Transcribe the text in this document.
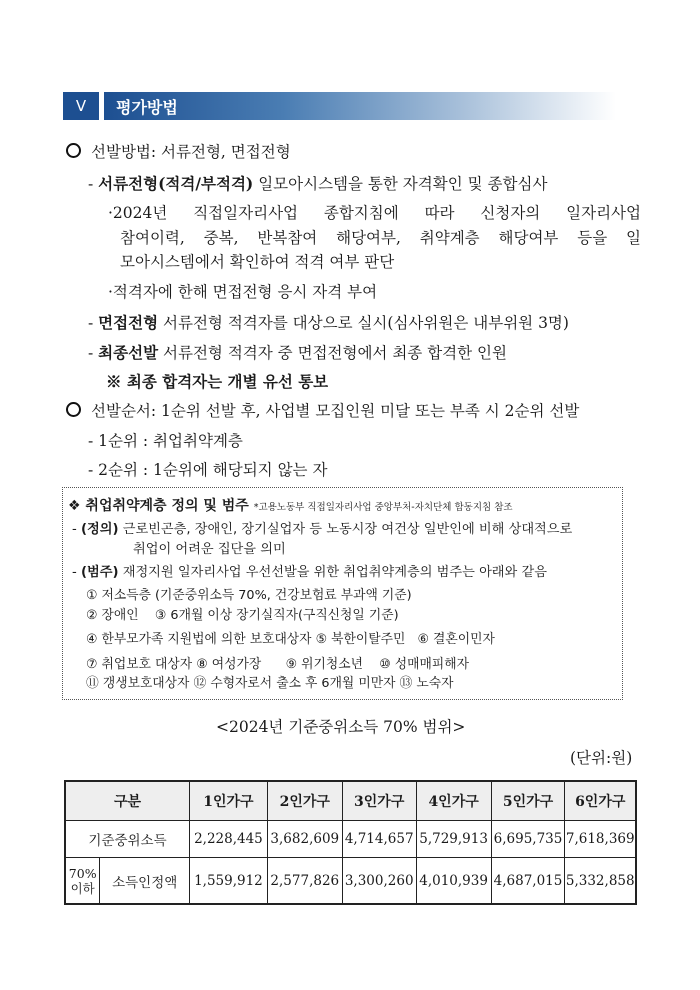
Ⅴ	평가방법
선발방법: 서류전형, 면접전형
- 서류전형(적격/부적격) 일모아시스템을 통한 자격확인 및 종합심사
·2024년 직접일자리사업 종합지침에 따라 신청자의 일자리사업
참여이력, 중복, 반복참여 해당여부, 취약계층 해당여부 등을 일
모아시스템에서 확인하여 적격 여부 판단
·적격자에 한해 면접전형 응시 자격 부여
- 면접전형 서류전형 적격자를 대상으로 실시(심사위원은 내부위원 3명)
- 최종선발 서류전형 적격자 중 면접전형에서 최종 합격한 인원
※ 최종 합격자는 개별 유선 통보
선발순서: 1순위 선발 후, 사업별 모집인원 미달 또는 부족 시 2순위 선발
- 1순위 : 취업취약계층
- 2순위 : 1순위에 해당되지 않는 자
❖ 취업취약계층 정의 및 범주 *고용노동부 직접일자리사업 중앙부처-자치단체 합동지침 참조
- (정의) 근로빈곤층, 장애인, 장기실업자 등 노동시장 여건상 일반인에 비해 상대적으로
취업이 어려운 집단을 의미
- (범주) 재정지원 일자리사업 우선선발을 위한 취업취약계층의 범주는 아래와 같음
① 저소득층 (기준중위소득 70%, 건강보험료 부과액 기준)
② 장애인    ③ 6개월 이상 장기실직자(구직신청일 기준)
④ 한부모가족 지원법에 의한 보호대상자 ⑤ 북한이탈주민   ⑥ 결혼이민자
⑦ 취업보호 대상자 ⑧ 여성가장      ⑨ 위기청소년    ⑩ 성매매피해자
⑪ 갱생보호대상자 ⑫ 수형자로서 출소 후 6개월 미만자 ⑬ 노숙자
<2024년 기준중위소득 70% 범위>
(단위:원)
구분		1인가구	2인가구	3인가구	4인가구	5인가구	6인가구
기준중위소득		2,228,445	3,682,609	4,714,657	5,729,913	6,695,735	7,618,369

70%
이하	소득인정액	1,559,912	2,577,826	3,300,260	4,010,939	4,687,015	5,332,858
